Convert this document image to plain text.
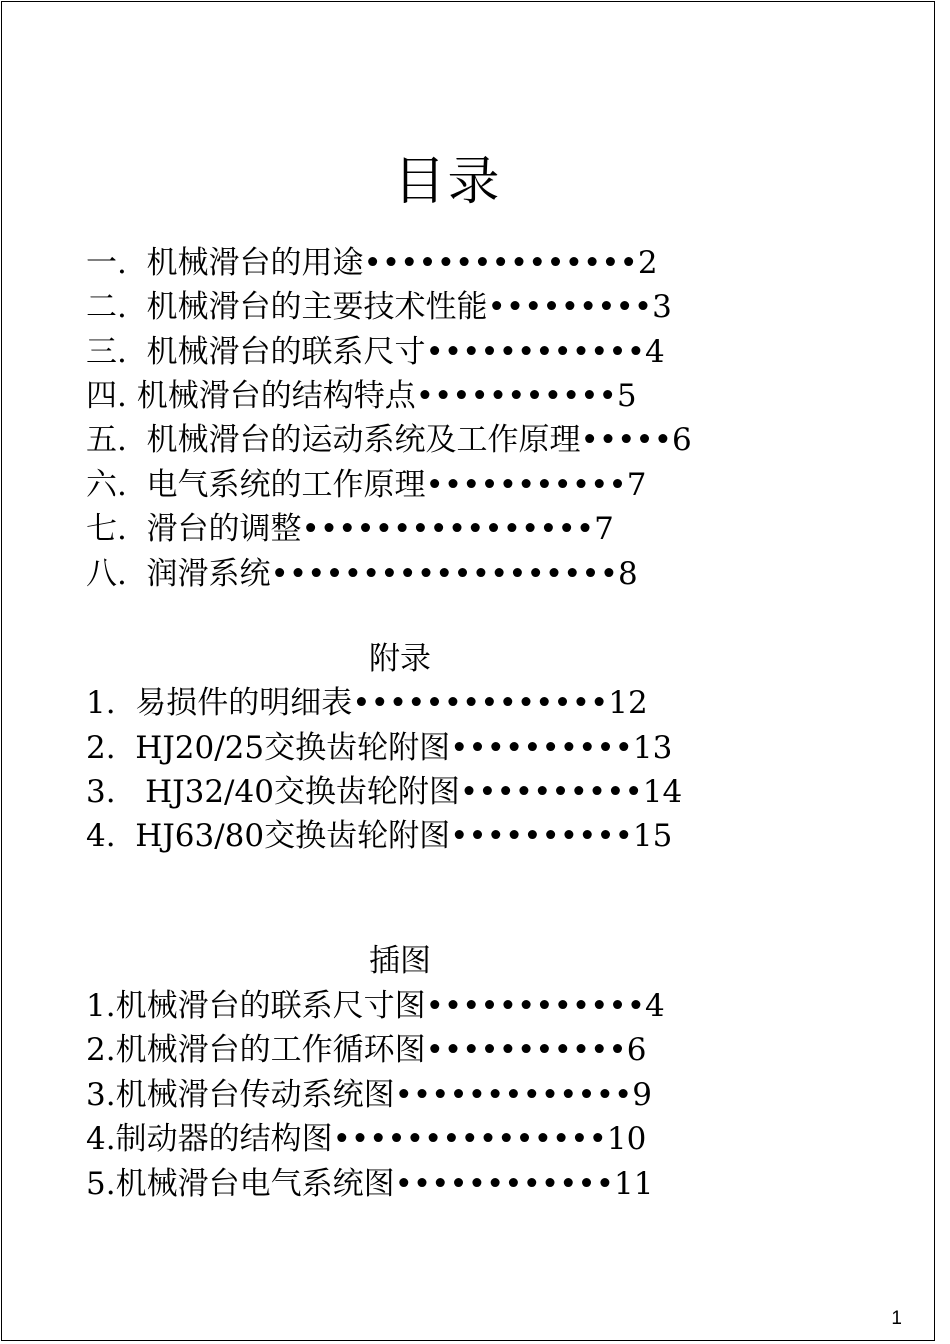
目录
一.  机械滑台的用途•••••••••••••••2
二.  机械滑台的主要技术性能•••••••••3
三.  机械滑台的联系尺寸••••••••••••4
四. 机械滑台的结构特点•••••••••••5
五.  机械滑台的运动系统及工作原理•••••6
六.  电气系统的工作原理•••••••••••7
七.  滑台的调整••••••••••••••••7
八.  润滑系统•••••••••••••••••••8
附录
1.  易损件的明细表••••••••••••••12
2.  HJ20/25交换齿轮附图••••••••••13
3.   HJ32/40交换齿轮附图••••••••••14
4.  HJ63/80交换齿轮附图••••••••••15
插图
1.机械滑台的联系尺寸图••••••••••••4
2.机械滑台的工作循环图•••••••••••6
3.机械滑台传动系统图•••••••••••••9
4.制动器的结构图•••••••••••••••10
5.机械滑台电气系统图••••••••••••11
1
